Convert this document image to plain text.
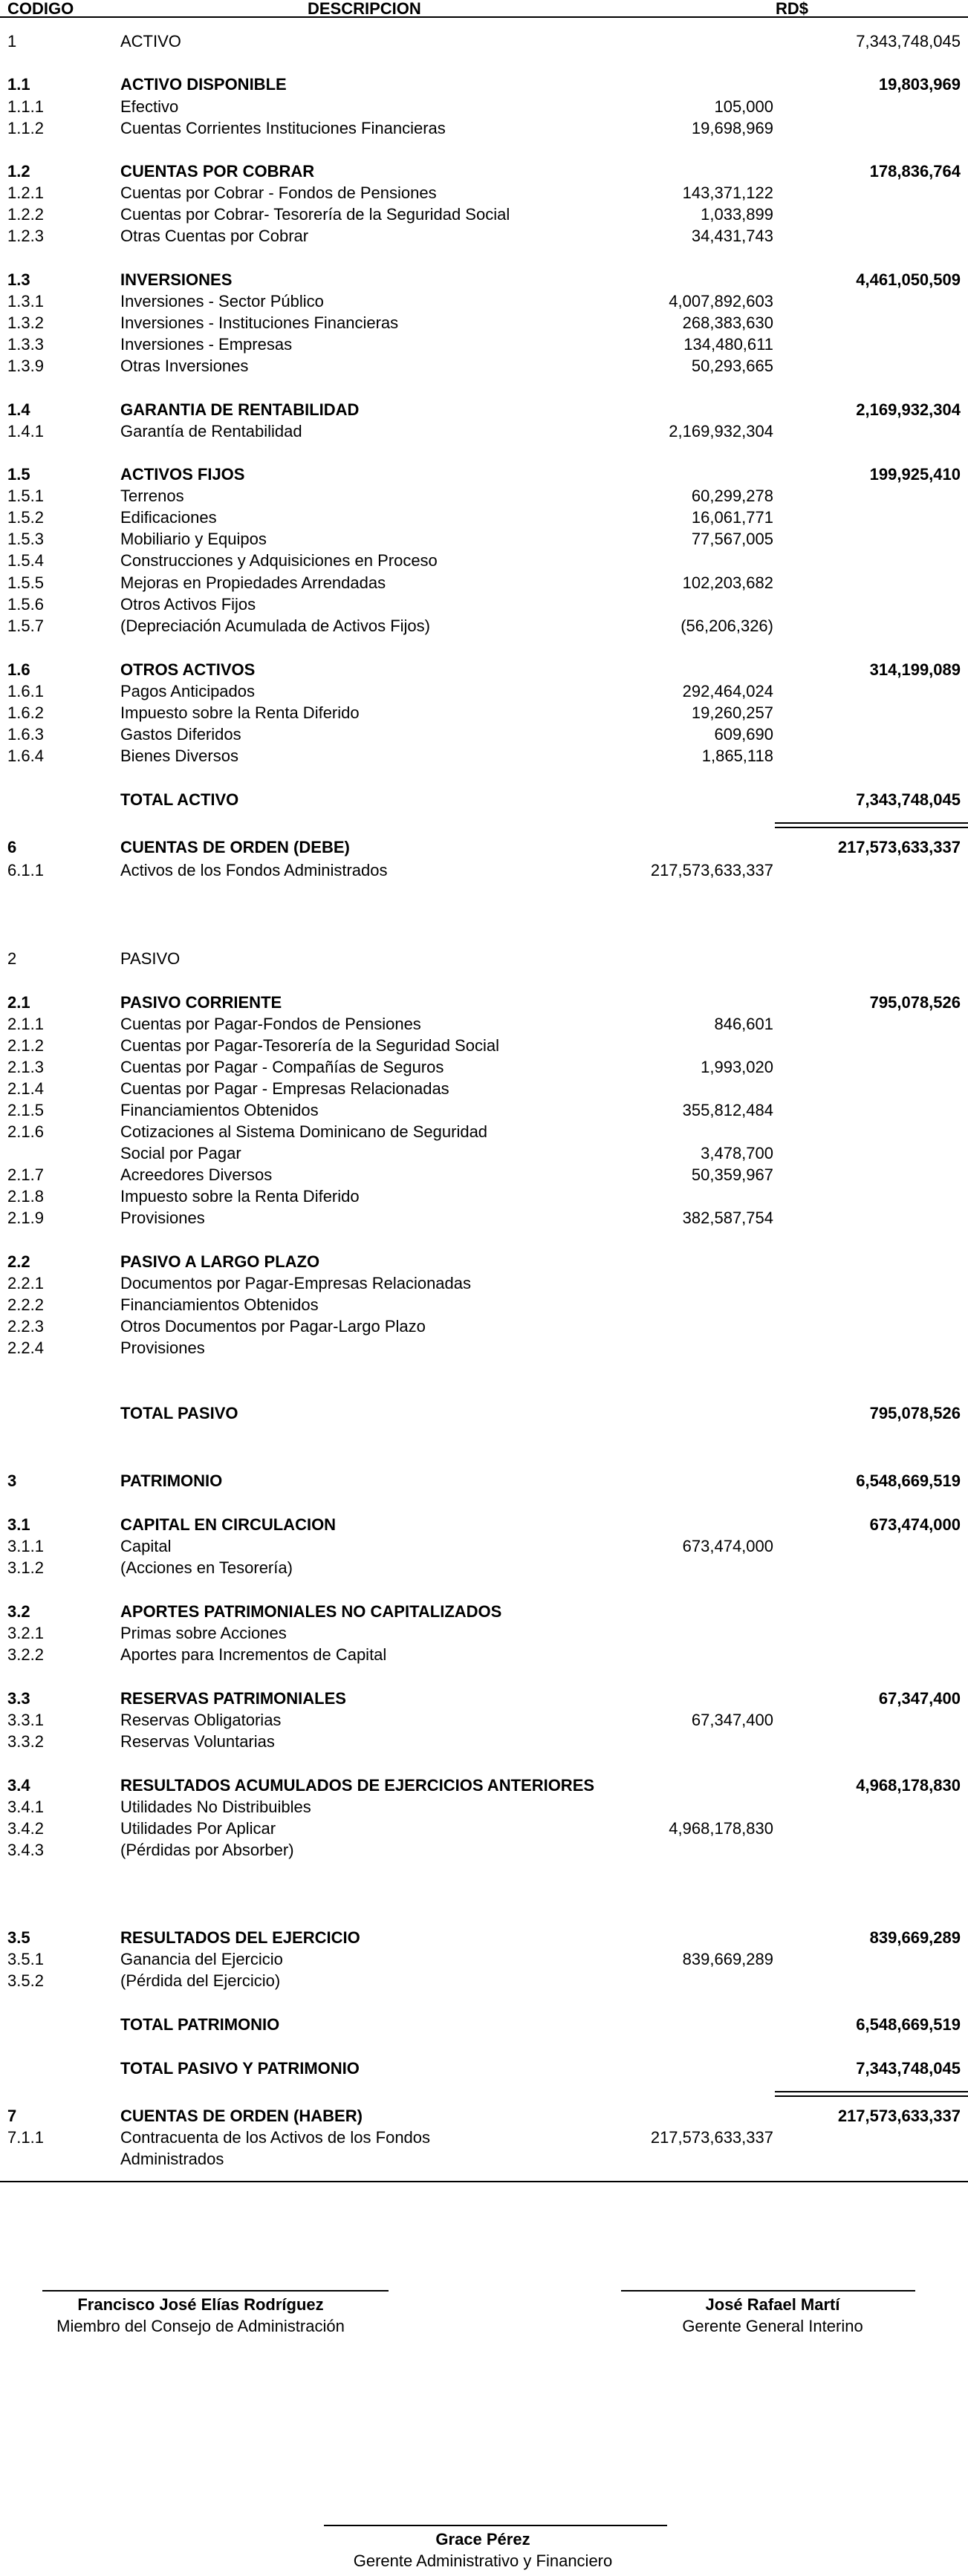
CODIGO	DESCRIPCION	RD$
1	ACTIVO	7,343,748,045
1.1	ACTIVO DISPONIBLE	19,803,969
1.1.1	Efectivo	105,000
1.1.2	Cuentas Corrientes Instituciones Financieras	19,698,969
1.2	CUENTAS POR COBRAR	178,836,764
1.2.1	Cuentas por Cobrar - Fondos de Pensiones	143,371,122
1.2.2	Cuentas por Cobrar- Tesorería de la Seguridad Social	1,033,899
1.2.3	Otras Cuentas por Cobrar	34,431,743
1.3	INVERSIONES	4,461,050,509
1.3.1	Inversiones - Sector Público	4,007,892,603
1.3.2	Inversiones - Instituciones Financieras	268,383,630
1.3.3	Inversiones - Empresas	134,480,611
1.3.9	Otras Inversiones	50,293,665
1.4	GARANTIA DE RENTABILIDAD	2,169,932,304
1.4.1	Garantía de Rentabilidad	2,169,932,304
1.5	ACTIVOS FIJOS	199,925,410
1.5.1	Terrenos	60,299,278
1.5.2	Edificaciones	16,061,771
1.5.3	Mobiliario y Equipos	77,567,005
1.5.4	Construcciones y Adquisiciones en Proceso
1.5.5	Mejoras en Propiedades Arrendadas	102,203,682
1.5.6	Otros Activos Fijos
1.5.7	(Depreciación Acumulada de Activos Fijos)	(56,206,326)
1.6	OTROS ACTIVOS	314,199,089
1.6.1	Pagos Anticipados	292,464,024
1.6.2	Impuesto sobre la Renta Diferido	19,260,257
1.6.3	Gastos Diferidos	609,690
1.6.4	Bienes Diversos	1,865,118
TOTAL ACTIVO	7,343,748,045
6	CUENTAS DE ORDEN (DEBE)	217,573,633,337
6.1.1	Activos de los Fondos Administrados	217,573,633,337
2	PASIVO
2.1	PASIVO CORRIENTE	795,078,526
2.1.1	Cuentas por Pagar-Fondos de Pensiones	846,601
2.1.2	Cuentas por Pagar-Tesorería de la Seguridad Social
2.1.3	Cuentas por Pagar - Compañías de Seguros	1,993,020
2.1.4	Cuentas por Pagar - Empresas Relacionadas
2.1.5	Financiamientos Obtenidos	355,812,484
2.1.6	Cotizaciones al Sistema Dominicano de Seguridad
Social por Pagar	3,478,700
2.1.7	Acreedores Diversos	50,359,967
2.1.8	Impuesto sobre la Renta Diferido
2.1.9	Provisiones	382,587,754
2.2	PASIVO A LARGO PLAZO
2.2.1	Documentos por Pagar-Empresas Relacionadas
2.2.2	Financiamientos Obtenidos
2.2.3	Otros Documentos por Pagar-Largo Plazo
2.2.4	Provisiones
TOTAL PASIVO	795,078,526
3	PATRIMONIO	6,548,669,519
3.1	CAPITAL EN CIRCULACION	673,474,000
3.1.1	Capital	673,474,000
3.1.2	(Acciones en Tesorería)
3.2	APORTES PATRIMONIALES NO CAPITALIZADOS
3.2.1	Primas sobre Acciones
3.2.2	Aportes para Incrementos de Capital
3.3	RESERVAS PATRIMONIALES	67,347,400
3.3.1	Reservas Obligatorias	67,347,400
3.3.2	Reservas Voluntarias
3.4	RESULTADOS ACUMULADOS DE EJERCICIOS ANTERIORES	4,968,178,830
3.4.1	Utilidades No Distribuibles
3.4.2	Utilidades Por Aplicar	4,968,178,830
3.4.3	(Pérdidas por Absorber)
3.5	RESULTADOS DEL EJERCICIO	839,669,289
3.5.1	Ganancia del Ejercicio	839,669,289
3.5.2	(Pérdida del Ejercicio)
TOTAL PATRIMONIO	6,548,669,519
TOTAL PASIVO Y PATRIMONIO	7,343,748,045
7	CUENTAS DE ORDEN (HABER)	217,573,633,337
7.1.1	Contracuenta de los Activos de los Fondos	217,573,633,337
Administrados
Francisco José Elías Rodríguez
Miembro del Consejo de Administración
José Rafael Martí
Gerente General Interino
Grace Pérez
Gerente Administrativo y Financiero
